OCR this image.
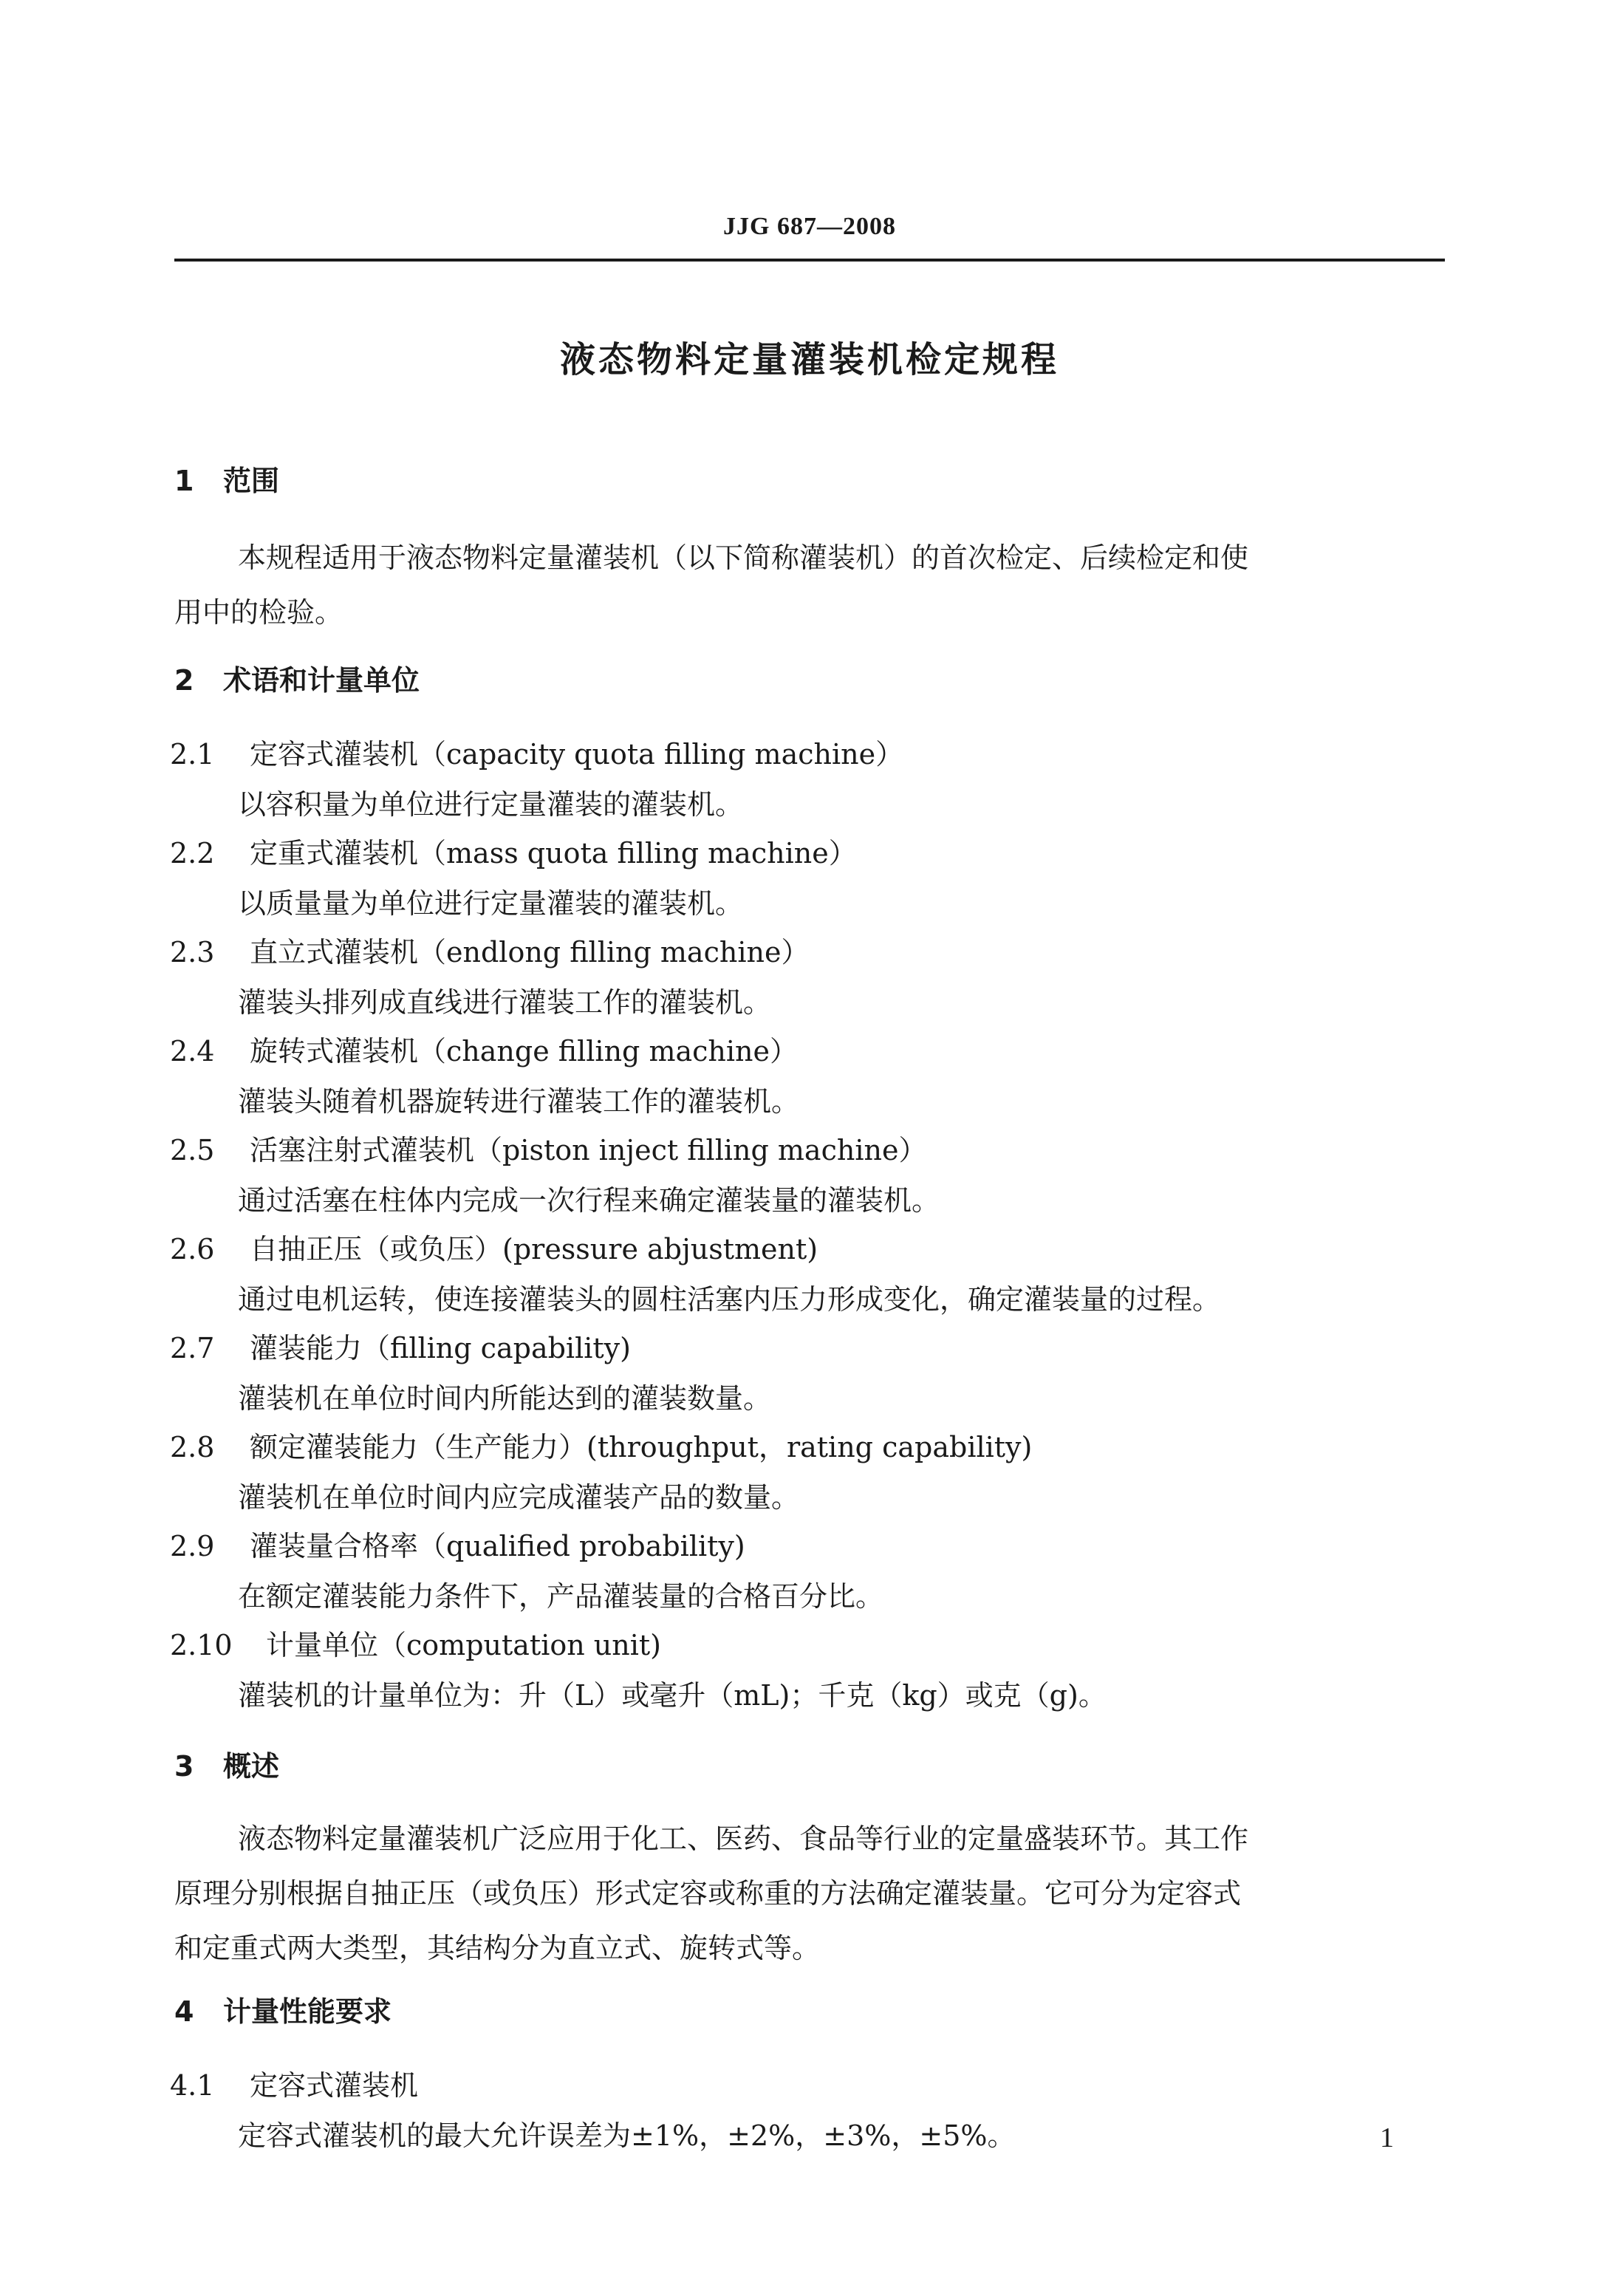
JJG 687—2008
液态物料定量灌装机检定规程
1 范围
本规程适用于液态物料定量灌装机（以下简称灌装机）的首次检定、后续检定和使
用中的检验。
2 术语和计量单位
2.1 定容式灌装机（capacity quota filling machine）
以容积量为单位进行定量灌装的灌装机。
2.2 定重式灌装机（mass quota filling machine）
以质量量为单位进行定量灌装的灌装机。
2.3 直立式灌装机（endlong filling machine）
灌装头排列成直线进行灌装工作的灌装机。
2.4 旋转式灌装机（change filling machine）
灌装头随着机器旋转进行灌装工作的灌装机。
2.5 活塞注射式灌装机（piston inject filling machine）
通过活塞在柱体内完成一次行程来确定灌装量的灌装机。
2.6 自抽正压（或负压）(pressure abjustment)
通过电机运转，使连接灌装头的圆柱活塞内压力形成变化，确定灌装量的过程。
2.7 灌装能力（filling capability)
灌装机在单位时间内所能达到的灌装数量。
2.8 额定灌装能力（生产能力）(throughput，rating capability)
灌装机在单位时间内应完成灌装产品的数量。
2.9 灌装量合格率（qualified probability)
在额定灌装能力条件下，产品灌装量的合格百分比。
2.10 计量单位（computation unit)
灌装机的计量单位为：升（L）或毫升（mL)；千克（kg）或克（g)。
3 概述
液态物料定量灌装机广泛应用于化工、医药、食品等行业的定量盛装环节。其工作
原理分别根据自抽正压（或负压）形式定容或称重的方法确定灌装量。它可分为定容式
和定重式两大类型，其结构分为直立式、旋转式等。
4 计量性能要求
4.1 定容式灌装机
定容式灌装机的最大允许误差为±1%，±2%，±3%，±5%。	1
